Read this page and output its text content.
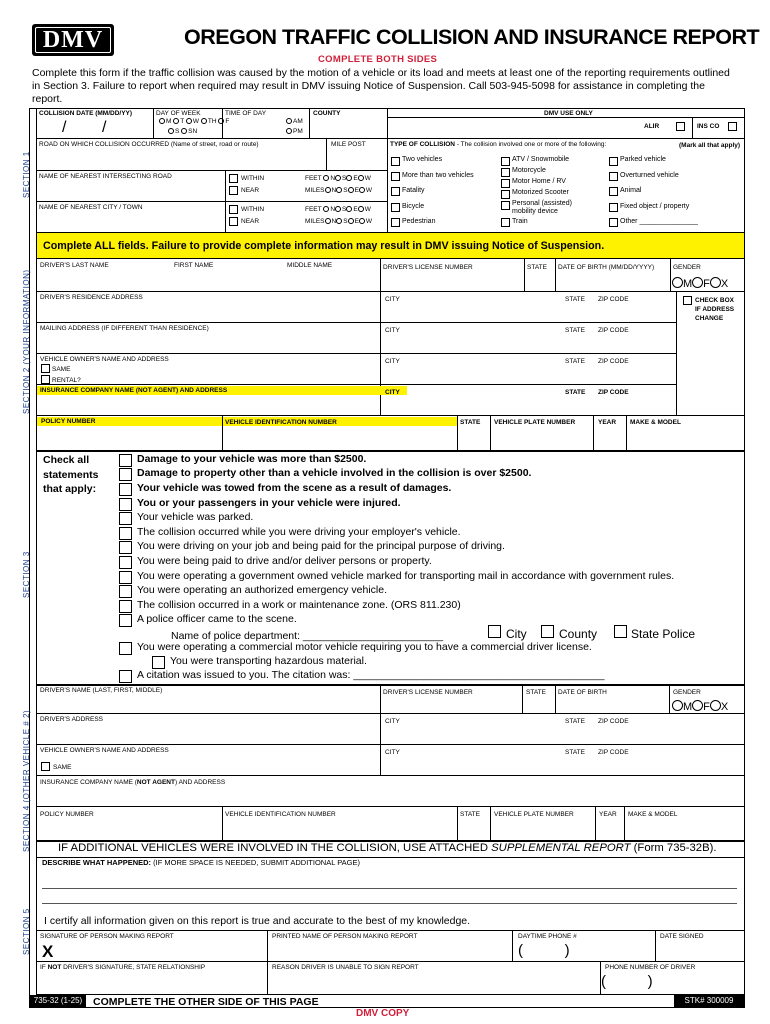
DMV	OREGON TRAFFIC COLLISION AND INSURANCE REPORT
COMPLETE BOTH SIDES
Complete this form if the traffic collision was caused by the motion of a vehicle or its load and meets at least one of the reporting requirements outlined in Section 3. Failure to report when required may result in DMV issuing Notice of Suspension. Call 503-945-5098 for assistance in completing the report.
SECTION 1
SECTION 2 (YOUR INFORMATION)
SECTION 3
SECTION 4 (OTHER VEHICLE # 2)
SECTION 5
COLLISION DATE (MM/DD/YY)
/        /
DAY OF WEEK
M T W TH F
S SN
TIME OF DAY
AM
PM
COUNTY	DMV USE ONLY
ALIR	INS CO
ROAD ON WHICH COLLISION OCCURRED (Name of street, road or route)	MILE POST	TYPE OF COLLISION - The collision involved one or more of the following:	(Mark all that apply)
Two vehicles
More than two vehicles
Fatality
Bicycle
Pedestrian
ATV / Snowmobile
Motorcycle
Motor Home / RV
Motorized Scooter
Personal (assisted) mobility device
Train
Parked vehicle
Overturned vehicle
Animal
Fixed object / property
Other _______________
NAME OF NEAREST INTERSECTING ROAD	WITHIN
NEAR
FEET N S E W
MILES N S E W
NAME OF NEAREST CITY / TOWN	WITHIN
NEAR
FEET N S E W
MILES N S E W
Complete ALL fields. Failure to provide complete information may result in DMV issuing Notice of Suspension.
DRIVER'S LAST NAME	FIRST NAME	MIDDLE NAME	DRIVER'S LICENSE NUMBER	STATE DATE OF BIRTH (MM/DD/YYYY)	GENDER
M F X
DRIVER'S RESIDENCE ADDRESS	CITY	STATE ZIP CODE	CHECK BOX
IF ADDRESS
CHANGE
MAILING ADDRESS (IF DIFFERENT THAN RESIDENCE)	CITY	STATE ZIP CODE
VEHICLE OWNER'S NAME AND ADDRESS
SAME
RENTAL?
CITY	STATE ZIP CODE
INSURANCE COMPANY NAME (NOT AGENT) AND ADDRESS	CITY	STATE ZIP CODE
POLICY NUMBER	VEHICLE IDENTIFICATION NUMBER	STATE VEHICLE PLATE NUMBER	YEAR MAKE & MODEL
Check all
statements
that apply:
Damage to your vehicle was more than $2500.
Damage to property other than a vehicle involved in the collision is over $2500.
Your vehicle was towed from the scene as a result of damages.
You or your passengers in your vehicle were injured.
Your vehicle was parked.
The collision occurred while you were driving your employer's vehicle.
You were driving on your job and being paid for the principal purpose of driving.
You were being paid to drive and/or deliver persons or property.
You were operating a government owned vehicle marked for transporting mail in accordance with government rules.
You were operating an authorized emergency vehicle.
The collision occurred in a work or maintenance zone. (ORS 811.230)
A police officer came to the scene.
Name of police department: ________________________	City	County	State Police
You were operating a commercial motor vehicle requiring you to have a commercial driver license.
You were transporting hazardous material.
A citation was issued to you. The citation was: ___________________________________________
DRIVER'S NAME (LAST, FIRST, MIDDLE)	DRIVER'S LICENSE NUMBER	STATE DATE OF BIRTH	GENDER
M F X
DRIVER'S ADDRESS	CITY	STATE ZIP CODE
VEHICLE OWNER'S NAME AND ADDRESS
SAME
CITY	STATE ZIP CODE
INSURANCE COMPANY NAME (NOT AGENT) AND ADDRESS
POLICY NUMBER	VEHICLE IDENTIFICATION NUMBER	STATE VEHICLE PLATE NUMBER	YEAR MAKE & MODEL
IF ADDITIONAL VEHICLES WERE INVOLVED IN THE COLLISION, USE ATTACHED SUPPLEMENTAL REPORT (Form 735-32B).
DESCRIBE WHAT HAPPENED: (IF MORE SPACE IS NEEDED, SUBMIT ADDITIONAL PAGE)
I certify all information given on this report is true and accurate to the best of my knowledge.
SIGNATURE OF PERSON MAKING REPORT
X
PRINTED NAME OF PERSON MAKING REPORT	DAYTIME PHONE #
(          )
DATE SIGNED
IF NOT DRIVER'S SIGNATURE, STATE RELATIONSHIP	REASON DRIVER IS UNABLE TO SIGN REPORT	PHONE NUMBER OF DRIVER
(          )
735-32 (1-25)	COMPLETE THE OTHER SIDE OF THIS PAGE	STK# 300009
DMV COPY
